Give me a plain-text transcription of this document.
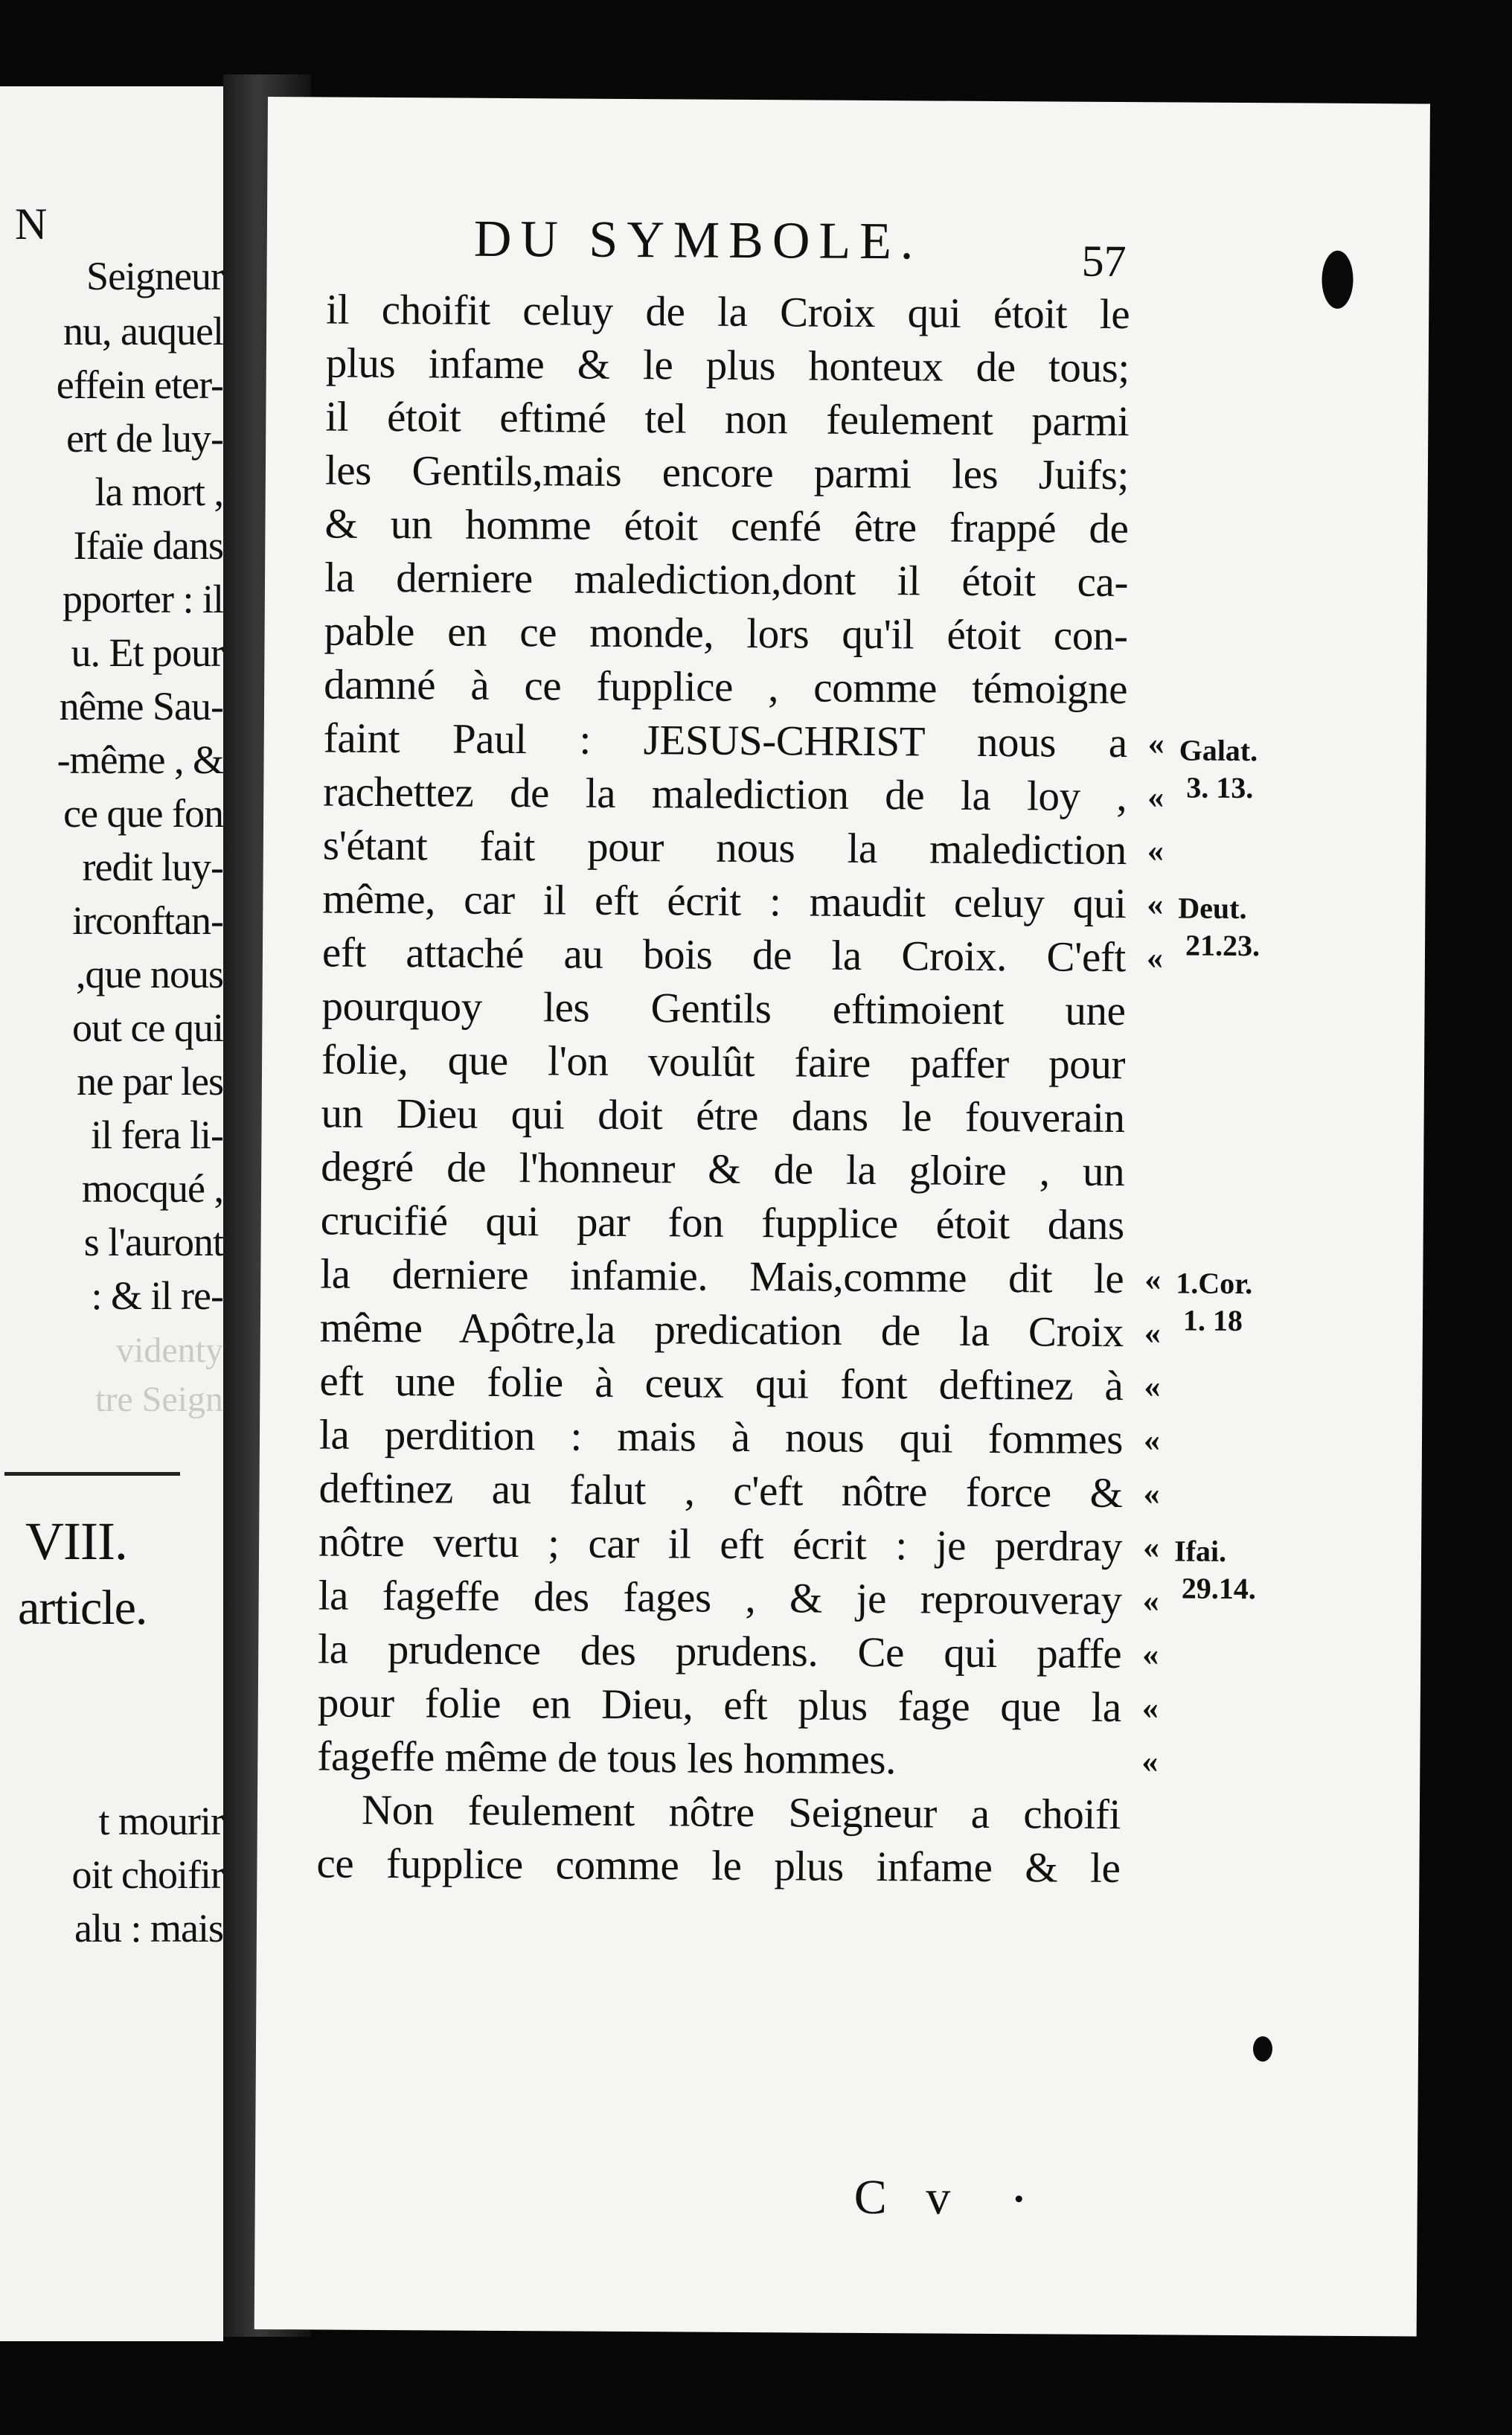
N
Seigneur
nu, auquel
effein eter-
ert de luy-
la mort ,
Ifaïe dans
pporter : il
u. Et pour
nême Sau-
-même , &
ce que fon
redit luy-
irconftan-
,que nous
out ce qui
ne par les
il fera li-
mocqué ,
s l'auront
: & il re-
videnty
tre Seign
VIII.
article.
t mourir
oit choifir
alu : mais
DU SYMBOLE.	57
il choifit celuy de la Croix qui étoit le
plus infame & le plus honteux de tous;
il étoit eftimé tel non feulement parmi
les Gentils,mais encore parmi les Juifs;
& un homme étoit cenfé être frappé de
la derniere malediction,dont il étoit ca-
pable en ce monde, lors qu'il étoit con-
damné à ce fupplice , comme témoigne
faint Paul : JESUS-CHRIST nous a
rachettez de la malediction de la loy ,
s'étant fait pour nous la malediction
même, car il eft écrit : maudit celuy qui
eft attaché au bois de la Croix. C'eft
pourquoy les Gentils eftimoient une
folie, que l'on voulût faire paffer pour
un Dieu qui doit étre dans le fouverain
degré de l'honneur & de la gloire , un
crucifié qui par fon fupplice étoit dans
la derniere infamie. Mais,comme dit le
même Apôtre,la predication de la Croix
eft une folie à ceux qui font deftinez à
la perdition : mais à nous qui fommes
deftinez au falut , c'eft nôtre force &
nôtre vertu ; car il eft écrit : je perdray
la fageffe des fages , & je reprouveray
la prudence des prudens. Ce qui paffe
pour folie en Dieu, eft plus fage que la
fageffe même de tous les hommes.
Non feulement nôtre Seigneur a choifi
ce fupplice comme le plus infame & le
«
«
«
«
«
«
«
«
«
«
«
«
«
«
«
Galat.
3. 13.
Deut.
21.23.
1.Cor.
1. 18
Ifai.
29.14.
C v
